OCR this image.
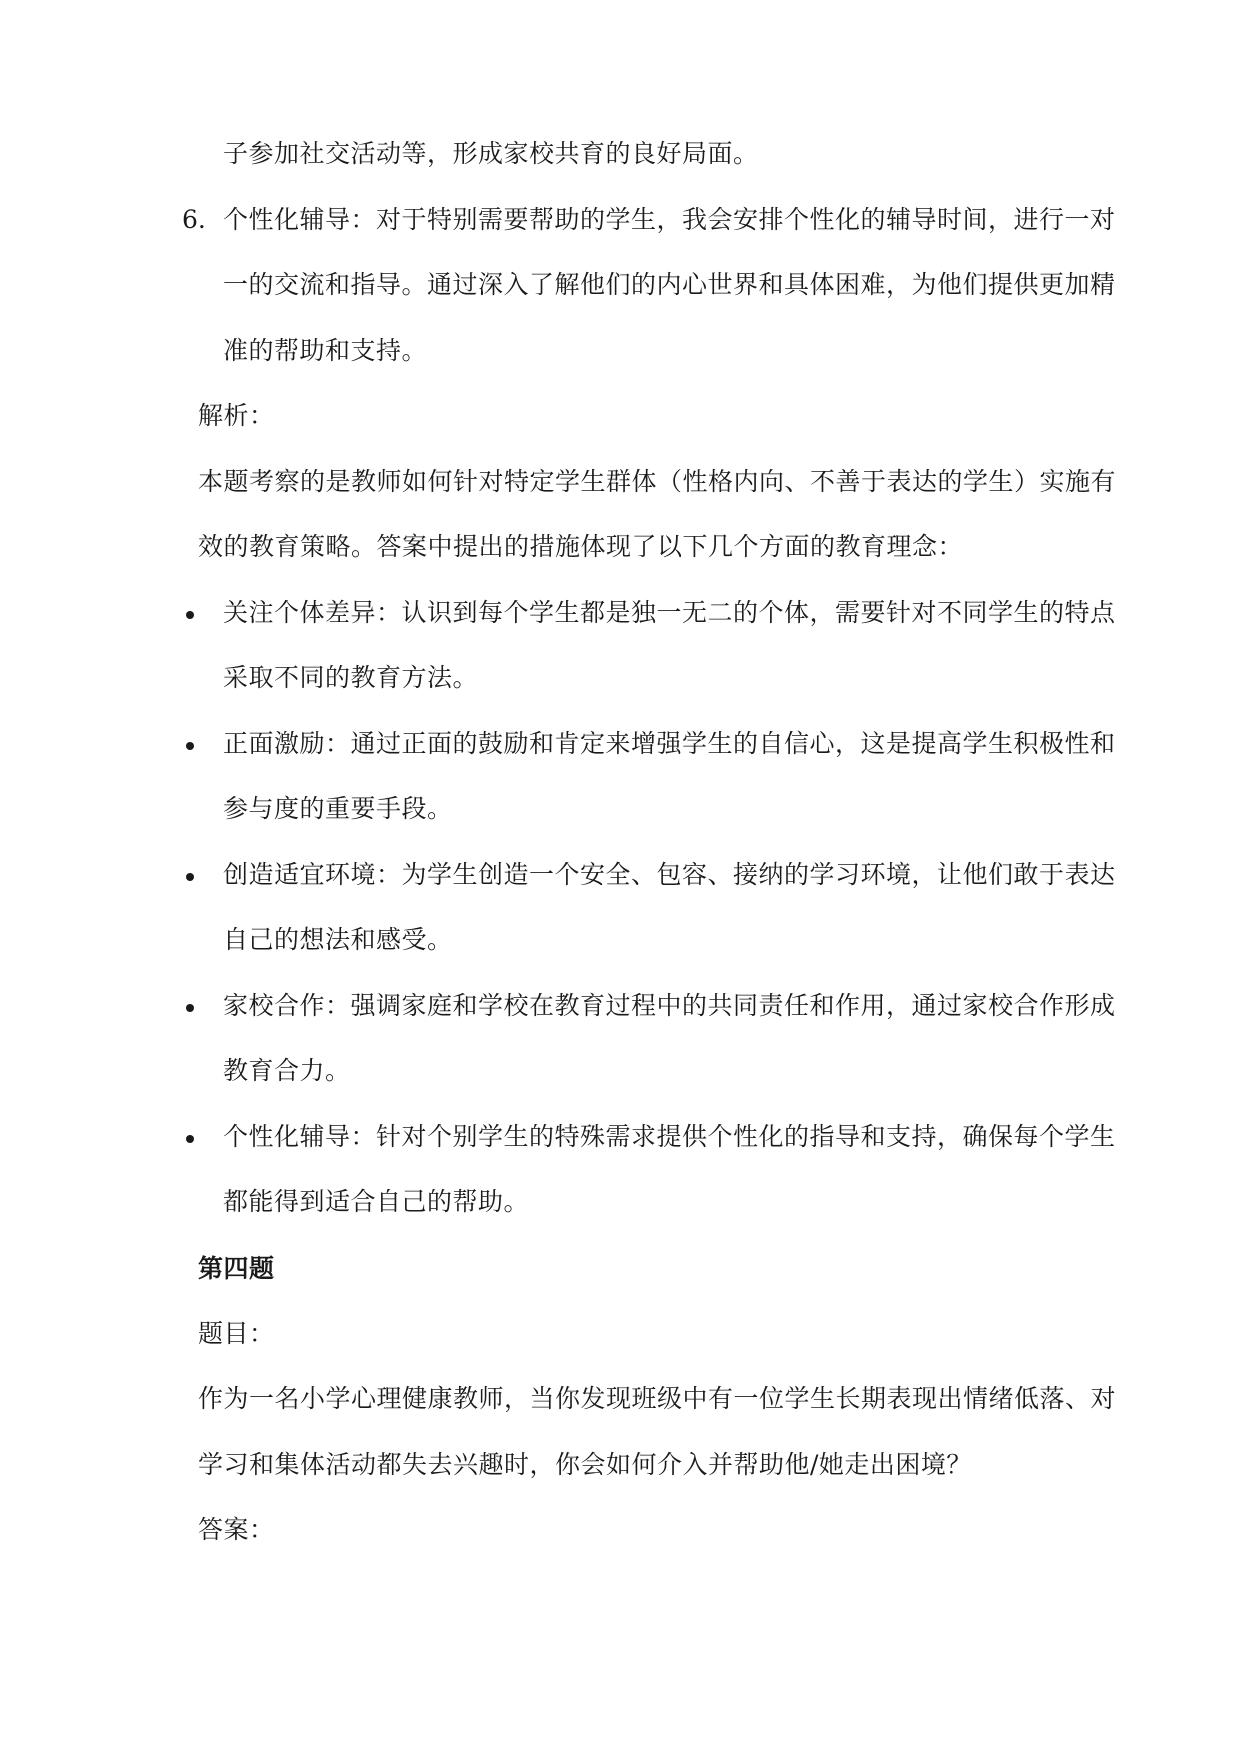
子参加社交活动等，形成家校共育的良好局面。
6. 个性化辅导：对于特别需要帮助的学生，我会安排个性化的辅导时间，进行一对
一的交流和指导。通过深入了解他们的内心世界和具体困难，为他们提供更加精
准的帮助和支持。
解析：
本题考察的是教师如何针对特定学生群体（性格内向、不善于表达的学生）实施有
效的教育策略。答案中提出的措施体现了以下几个方面的教育理念：
关注个体差异：认识到每个学生都是独一无二的个体，需要针对不同学生的特点
采取不同的教育方法。
正面激励：通过正面的鼓励和肯定来增强学生的自信心，这是提高学生积极性和
参与度的重要手段。
创造适宜环境：为学生创造一个安全、包容、接纳的学习环境，让他们敢于表达
自己的想法和感受。
家校合作：强调家庭和学校在教育过程中的共同责任和作用，通过家校合作形成
教育合力。
个性化辅导：针对个别学生的特殊需求提供个性化的指导和支持，确保每个学生
都能得到适合自己的帮助。
第四题
题目：
作为一名小学心理健康教师，当你发现班级中有一位学生长期表现出情绪低落、对
学习和集体活动都失去兴趣时，你会如何介入并帮助他/她走出困境？
答案：
